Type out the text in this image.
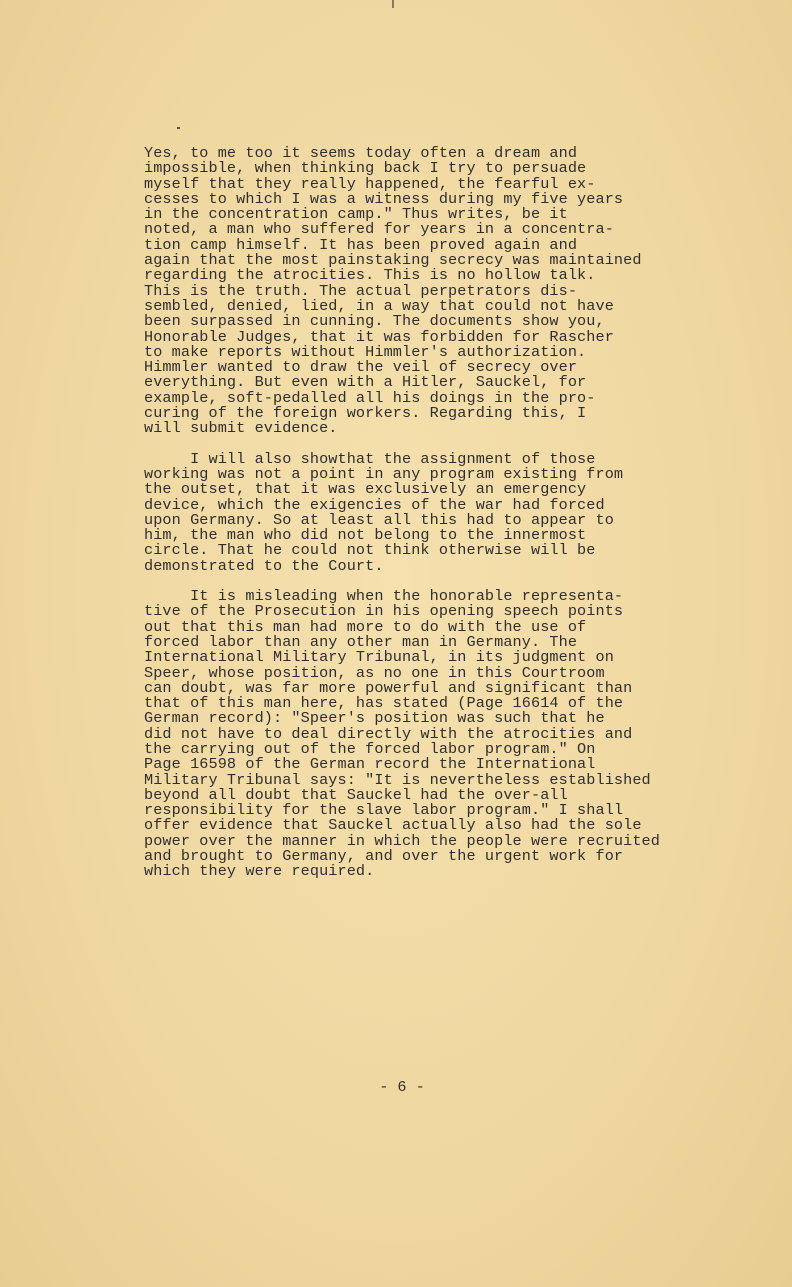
Yes, to me too it seems today often a dream and
impossible, when thinking back I try to persuade
myself that they really happened, the fearful ex-
cesses to which I was a witness during my five years
in the concentration camp." Thus writes, be it
noted, a man who suffered for years in a concentra-
tion camp himself. It has been proved again and
again that the most painstaking secrecy was maintained
regarding the atrocities. This is no hollow talk.
This is the truth. The actual perpetrators dis-
sembled, denied, lied, in a way that could not have
been surpassed in cunning. The documents show you,
Honorable Judges, that it was forbidden for Rascher
to make reports without Himmler's authorization.
Himmler wanted to draw the veil of secrecy over
everything. But even with a Hitler, Sauckel, for
example, soft-pedalled all his doings in the pro-
curing of the foreign workers. Regarding this, I
will submit evidence.
I will also showthat the assignment of those
working was not a point in any program existing from
the outset, that it was exclusively an emergency
device, which the exigencies of the war had forced
upon Germany. So at least all this had to appear to
him, the man who did not belong to the innermost
circle. That he could not think otherwise will be
demonstrated to the Court.
It is misleading when the honorable representa-
tive of the Prosecution in his opening speech points
out that this man had more to do with the use of
forced labor than any other man in Germany. The
International Military Tribunal, in its judgment on
Speer, whose position, as no one in this Courtroom
can doubt, was far more powerful and significant than
that of this man here, has stated (Page 16614 of the
German record): "Speer's position was such that he
did not have to deal directly with the atrocities and
the carrying out of the forced labor program." On
Page 16598 of the German record the International
Military Tribunal says: "It is nevertheless established
beyond all doubt that Sauckel had the over-all
responsibility for the slave labor program." I shall
offer evidence that Sauckel actually also had the sole
power over the manner in which the people were recruited
and brought to Germany, and over the urgent work for
which they were required.
- 6 -
